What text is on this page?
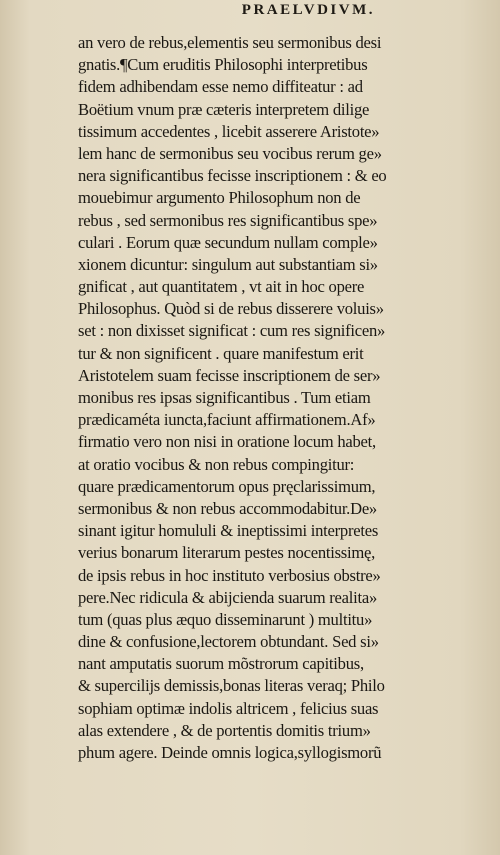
PRAELVDIVM.
an vero de rebus,elementis seu sermonibus desi
gnatis.¶Cum eruditis Philosophi interpretibus
fidem adhibendam esse nemo diffiteatur : ad
Boëtium vnum præ cæteris interpretem dilige
tissimum accedentes , licebit asserere Aristote»
lem hanc de sermonibus seu vocibus rerum ge»
nera significantibus fecisse inscriptionem : & eo
mouebimur argumento Philosophum non de
rebus , sed sermonibus res significantibus spe»
culari . Eorum quæ secundum nullam comple»
xionem dicuntur: singulum aut substantiam si»
gnificat , aut quantitatem , vt ait in hoc opere
Philosophus. Quòd si de rebus disserere voluis»
set : non dixisset significat : cum res significen»
tur & non significent . quare manifestum erit
Aristotelem suam fecisse inscriptionem de ser»
monibus res ipsas significantibus . Tum etiam
prædicaméta iuncta,faciunt affirmationem.Af»
firmatio vero non nisi in oratione locum habet,
at oratio vocibus & non rebus compingitur:
quare prædicamentorum opus pręclarissimum,
sermonibus & non rebus accommodabitur.De»
sinant igitur homululi & ineptissimi interpretes
verius bonarum literarum pestes nocentissimę,
de ipsis rebus in hoc instituto verbosius obstre»
pere.Nec ridicula & abijcienda suarum realita»
tum (quas plus æquo disseminarunt ) multitu»
dine & confusione,lectorem obtundant. Sed si»
nant amputatis suorum mõstrorum capitibus,
& supercilijs demissis,bonas literas veraq; Philo
sophiam optimæ indolis altricem , felicius suas
alas extendere , & de portentis domitis trium»
phum agere. Deinde omnis logica,syllogismorũ
